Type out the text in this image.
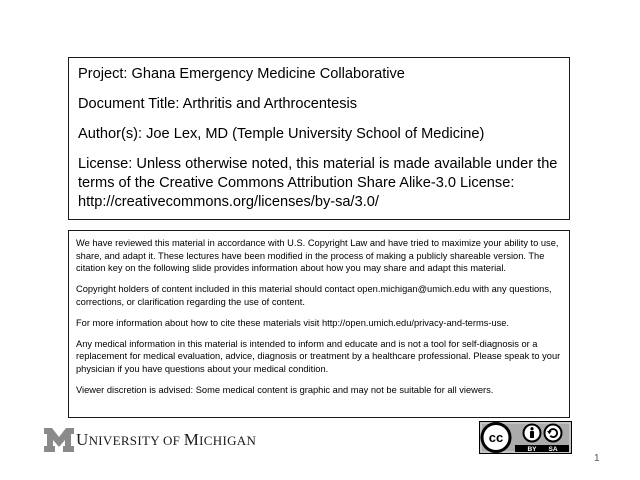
Project: Ghana Emergency Medicine Collaborative

Document Title: Arthritis and Arthrocentesis

Author(s): Joe Lex, MD (Temple University School of Medicine)

License: Unless otherwise noted, this material is made available under the
terms of the Creative Commons Attribution Share Alike-3.0 License:
http://creativecommons.org/licenses/by-sa/3.0/

We have reviewed this material in accordance with U.S. Copyright Law and have tried to maximize your ability to use, share, and adapt it. These lectures have been modified in the process of making a publicly shareable version. The citation key on the following slide provides information about how you may share and adapt this material.

Copyright holders of content included in this material should contact open.michigan@umich.edu with any questions, corrections, or clarification regarding the use of content.

For more information about how to cite these materials visit http://open.umich.edu/privacy-and-terms-use.

Any medical information in this material is intended to inform and educate and is not a tool for self-diagnosis or a replacement for medical evaluation, advice, diagnosis or treatment by a healthcare professional. Please speak to your physician if you have questions about your medical condition.

Viewer discretion is advised: Some medical content is graphic and may not be suitable for all viewers.

UNIVERSITY OF MICHIGAN	cc
BY SA
1
